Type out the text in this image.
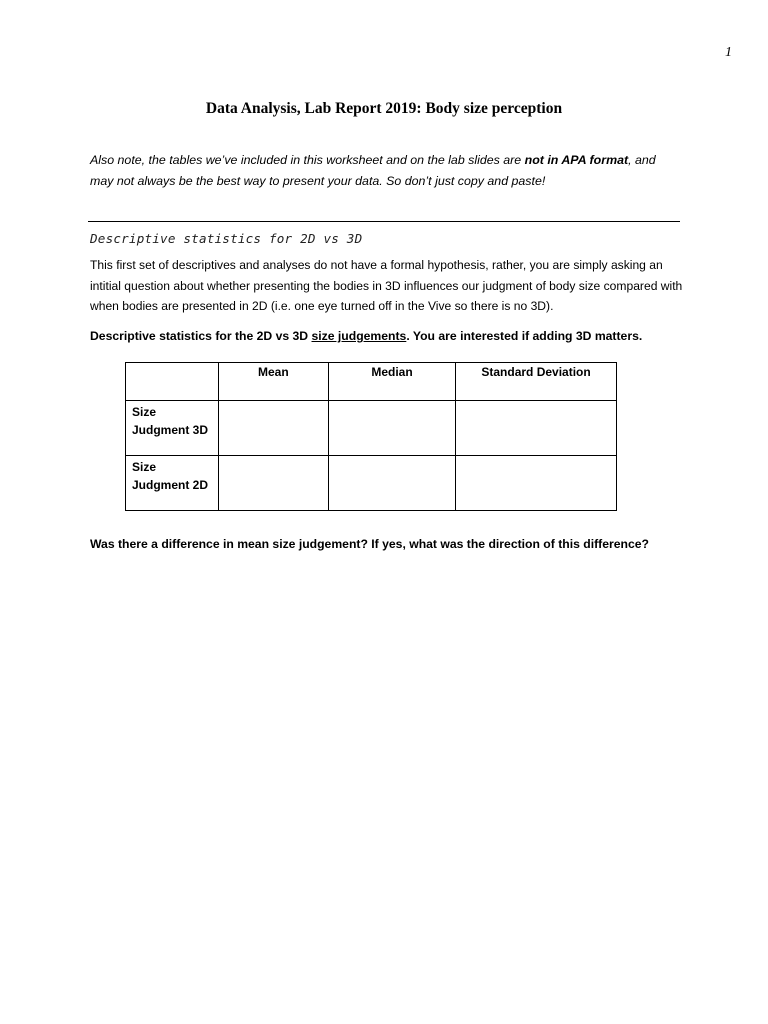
1
Data Analysis, Lab Report 2019: Body size perception
Also note, the tables we’ve included in this worksheet and on the lab slides are not in APA format, and may not always be the best way to present your data. So don’t just copy and paste!
Descriptive statistics for 2D vs 3D
This first set of descriptives and analyses do not have a formal hypothesis, rather, you are simply asking an intitial question about whether presenting the bodies in 3D influences our judgment of body size compared with when bodies are presented in 2D (i.e. one eye turned off in the Vive so there is no 3D).
Descriptive statistics for the 2D vs 3D size judgements. You are interested if adding 3D matters.
	Mean	Median	Standard Deviation
Size
Judgment 3D			
Size
Judgment 2D			
Was there a difference in mean size judgement? If yes, what was the direction of this difference?
